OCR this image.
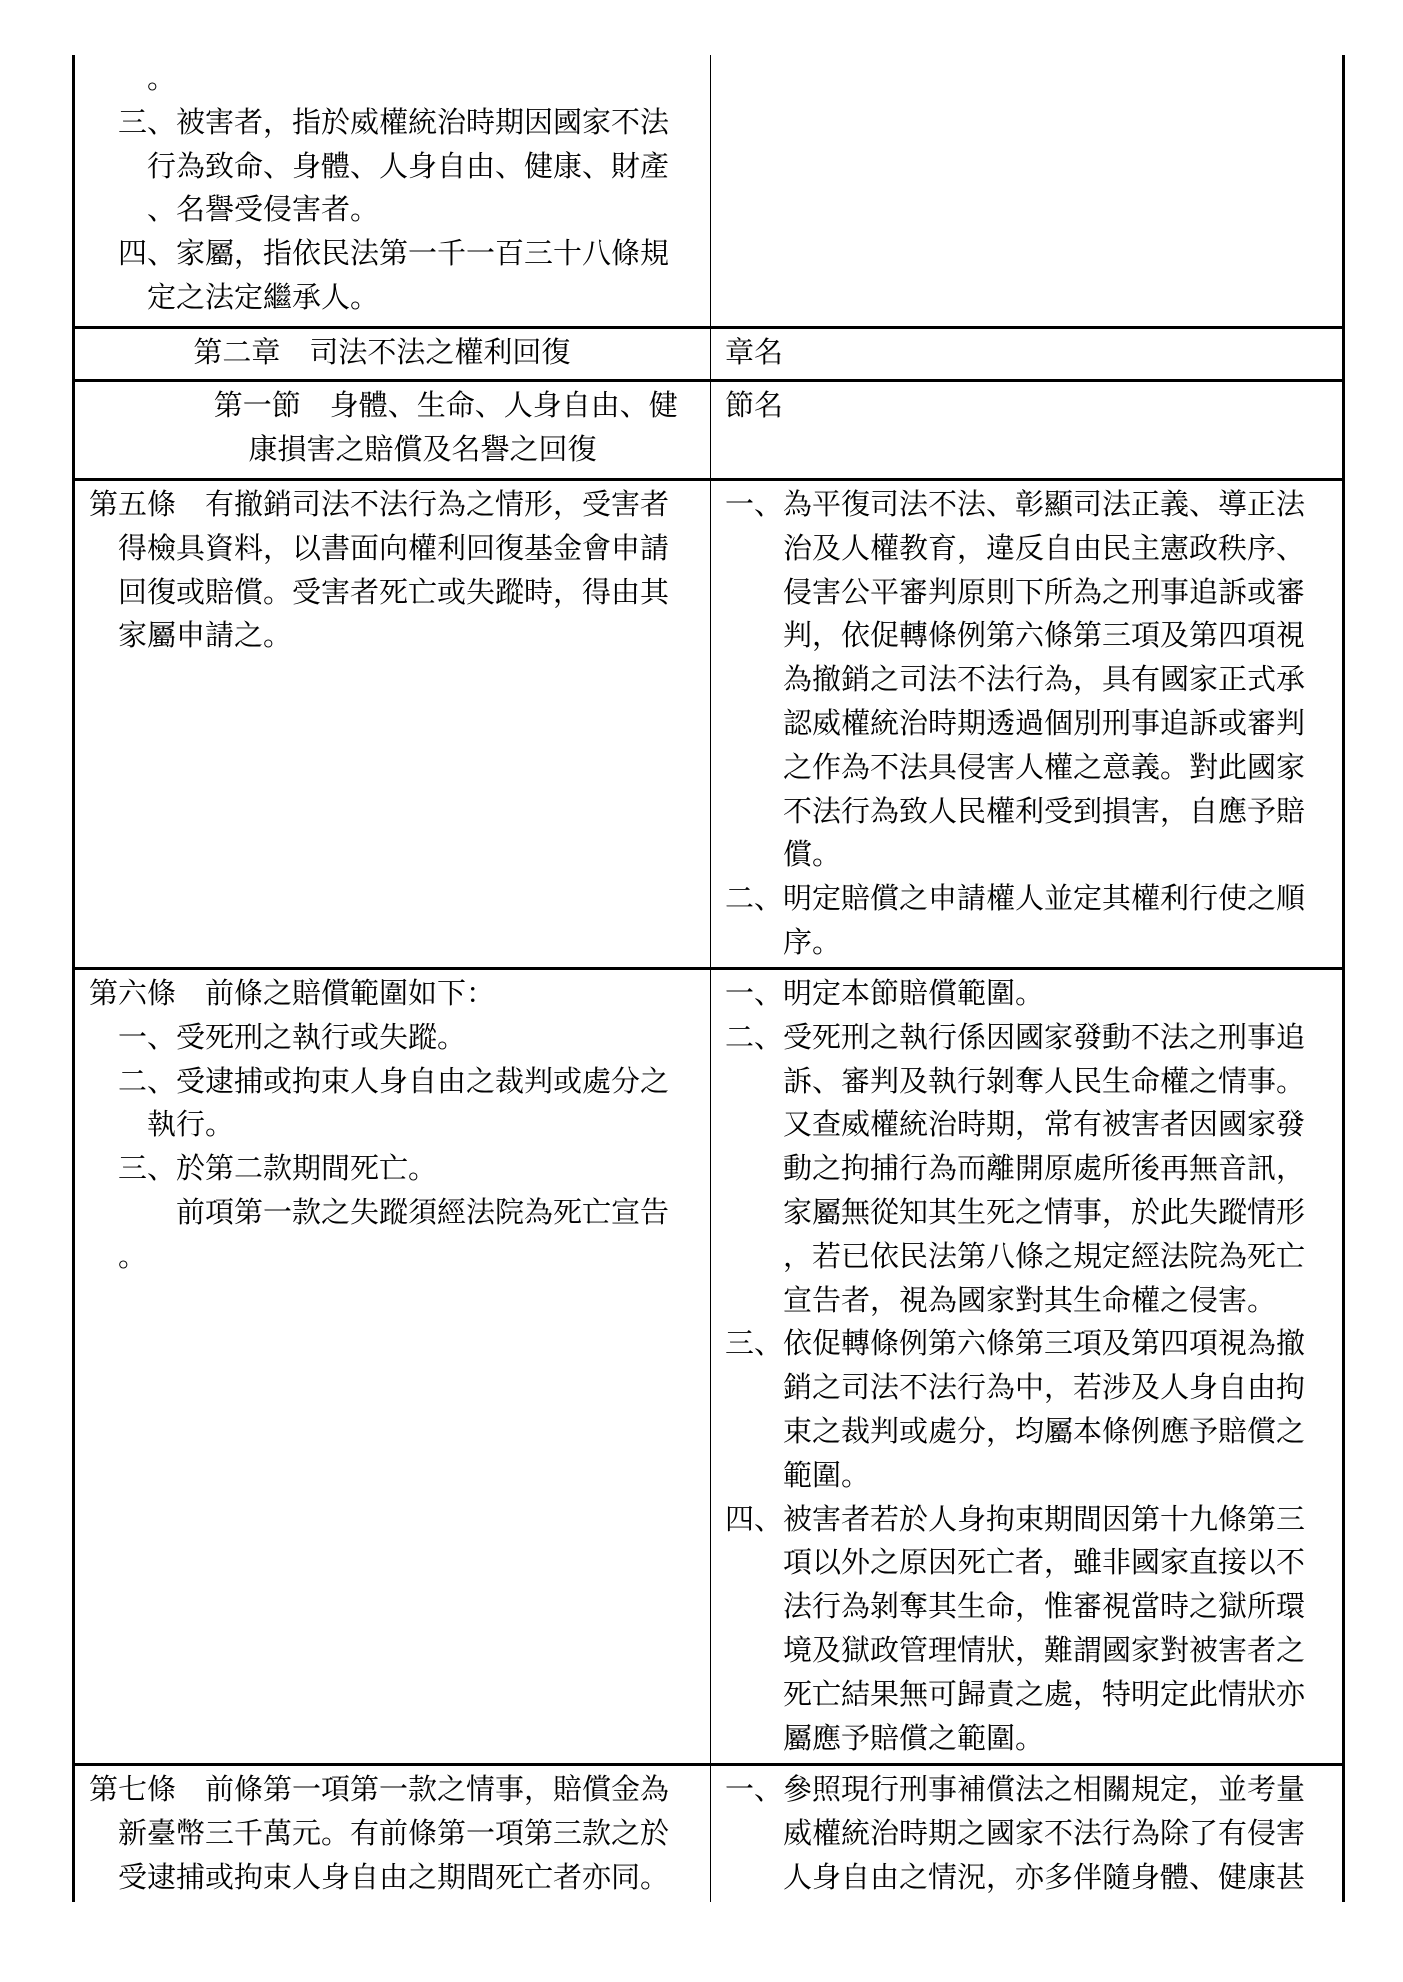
。
三、被害者，指於威權統治時期因國家不法
行為致命、身體、人身自由、健康、財產
、名譽受侵害者。
四、家屬，指依民法第一千一百三十八條規
定之法定繼承人。
第二章　司法不法之權利回復	章名
第一節　身體、生命、人身自由、健
康損害之賠償及名譽之回復
節名
第五條　有撤銷司法不法行為之情形，受害者
得檢具資料，以書面向權利回復基金會申請
回復或賠償。受害者死亡或失蹤時，得由其
家屬申請之。
一、為平復司法不法、彰顯司法正義、導正法
治及人權教育，違反自由民主憲政秩序、
侵害公平審判原則下所為之刑事追訴或審
判，依促轉條例第六條第三項及第四項視
為撤銷之司法不法行為，具有國家正式承
認威權統治時期透過個別刑事追訴或審判
之作為不法具侵害人權之意義。對此國家
不法行為致人民權利受到損害，自應予賠
償。
二、明定賠償之申請權人並定其權利行使之順
序。
第六條　前條之賠償範圍如下：
一、受死刑之執行或失蹤。
二、受逮捕或拘束人身自由之裁判或處分之
執行。
三、於第二款期間死亡。
前項第一款之失蹤須經法院為死亡宣告
。
一、明定本節賠償範圍。
二、受死刑之執行係因國家發動不法之刑事追
訴、審判及執行剝奪人民生命權之情事。
又查威權統治時期，常有被害者因國家發
動之拘捕行為而離開原處所後再無音訊，
家屬無從知其生死之情事，於此失蹤情形
，若已依民法第八條之規定經法院為死亡
宣告者，視為國家對其生命權之侵害。
三、依促轉條例第六條第三項及第四項視為撤
銷之司法不法行為中，若涉及人身自由拘
束之裁判或處分，均屬本條例應予賠償之
範圍。
四、被害者若於人身拘束期間因第十九條第三
項以外之原因死亡者，雖非國家直接以不
法行為剝奪其生命，惟審視當時之獄所環
境及獄政管理情狀，難謂國家對被害者之
死亡結果無可歸責之處，特明定此情狀亦
屬應予賠償之範圍。
第七條　前條第一項第一款之情事，賠償金為
新臺幣三千萬元。有前條第一項第三款之於
受逮捕或拘束人身自由之期間死亡者亦同。
一、參照現行刑事補償法之相關規定，並考量
威權統治時期之國家不法行為除了有侵害
人身自由之情況，亦多伴隨身體、健康甚
